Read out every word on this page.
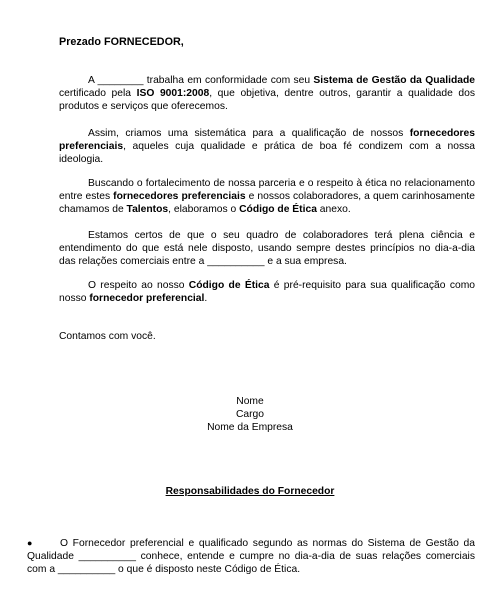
Prezado FORNECEDOR,
A ________ trabalha em conformidade com seu Sistema de Gestão da Qualidade certificado pela ISO 9001:2008, que objetiva, dentre outros, garantir a qualidade dos produtos e serviços que oferecemos.
Assim, criamos uma sistemática para a qualificação de nossos fornecedores preferenciais, aqueles cuja qualidade e prática de boa fé condizem com a nossa ideologia.
Buscando o fortalecimento de nossa parceria e o respeito à ética no relacionamento entre estes fornecedores preferenciais e nossos colaboradores, a quem carinhosamente chamamos de Talentos, elaboramos o Código de Ética anexo.
Estamos certos de que o seu quadro de colaboradores terá plena ciência e entendimento do que está nele disposto, usando sempre destes princípios no dia-a-dia das relações comerciais entre a __________ e a sua empresa.
O respeito ao nosso Código de Ética é pré-requisito para sua qualificação como nosso fornecedor preferencial.
Contamos com você.
Nome
Cargo
Nome da Empresa
Responsabilidades do Fornecedor
●	O Fornecedor preferencial e qualificado segundo as normas do Sistema de Gestão da Qualidade __________ conhece, entende e cumpre no dia-a-dia de suas relações comerciais com a __________ o que é disposto neste Código de Ética.
